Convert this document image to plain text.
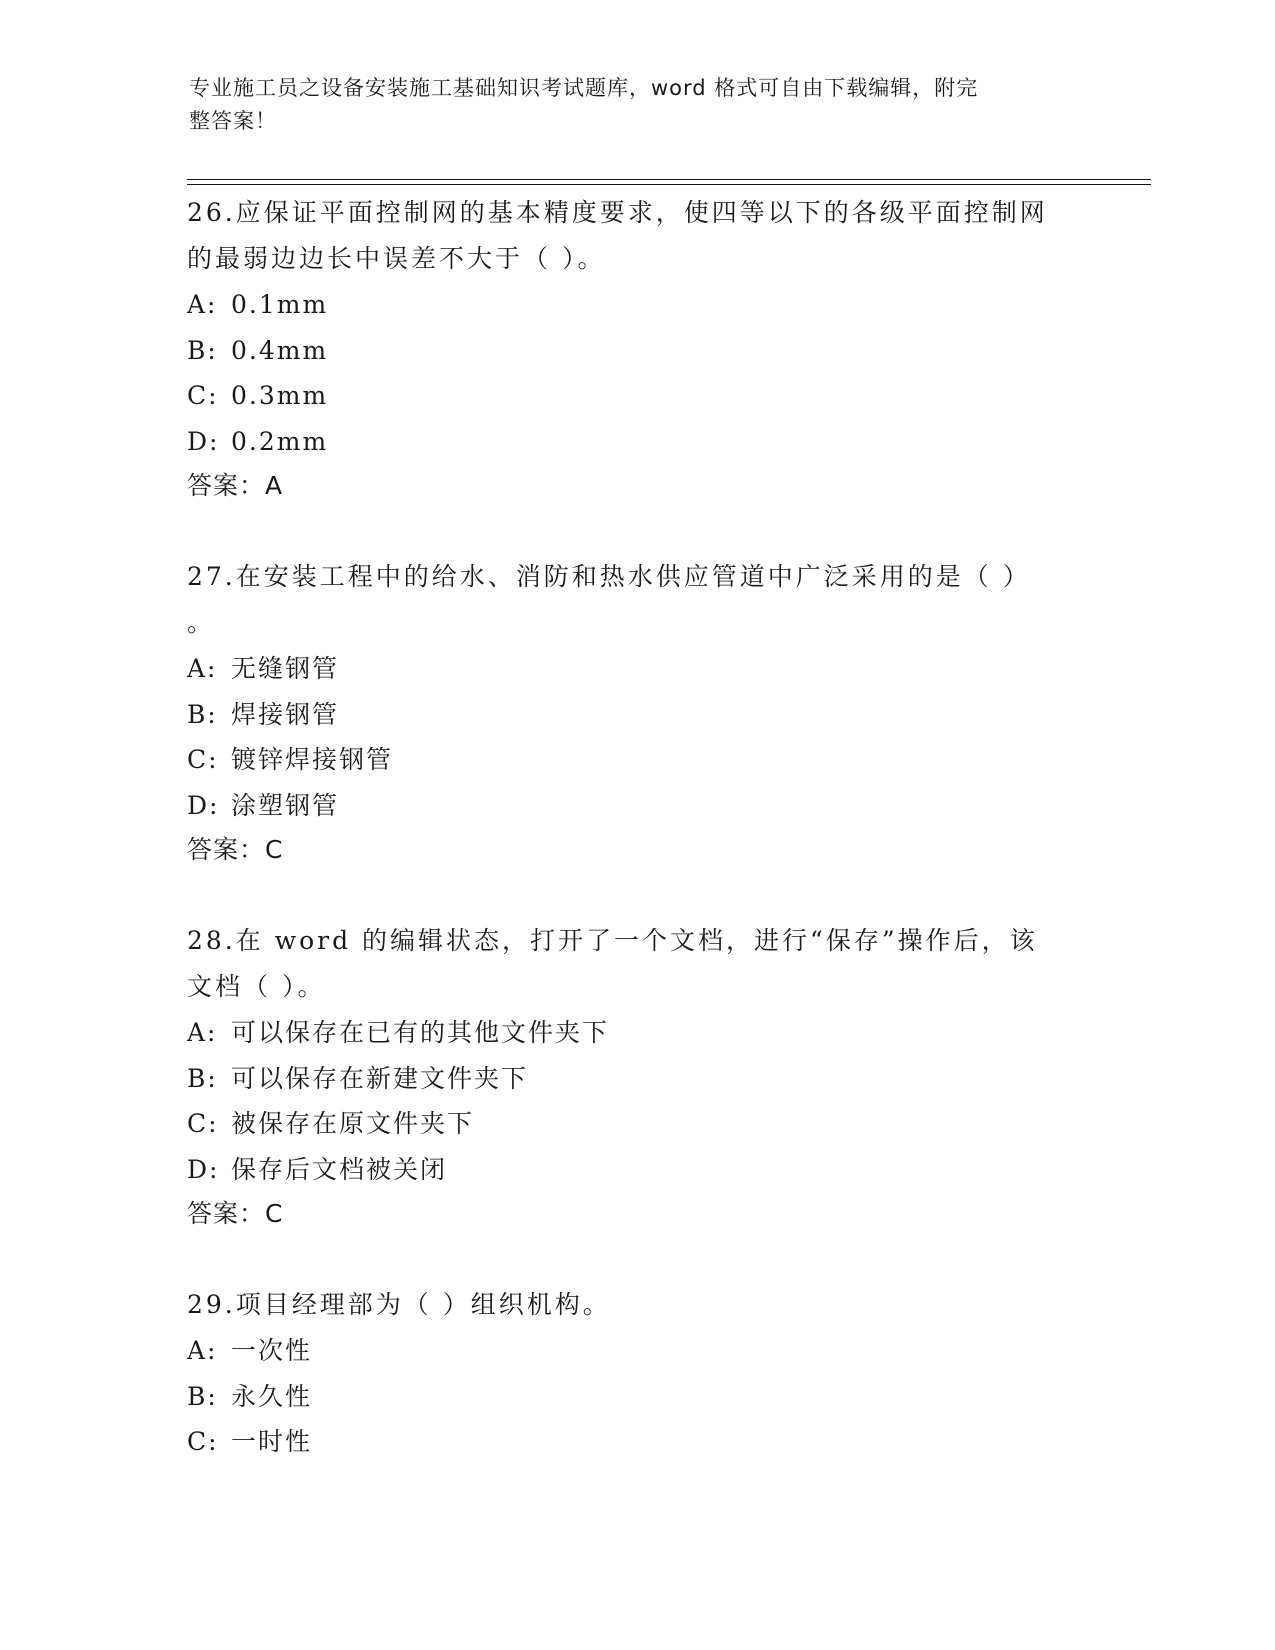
专业施工员之设备安装施工基础知识考试题库，word 格式可自由下载编辑，附完
整答案！

26.应保证平面控制网的基本精度要求，使四等以下的各级平面控制网

的最弱边边长中误差不大于（ ）。

A: 0.1mm

B: 0.4mm

C: 0.3mm

D: 0.2mm

答案：A

27.在安装工程中的给水、消防和热水供应管道中广泛采用的是（ ）

。

A: 无缝钢管

B: 焊接钢管

C: 镀锌焊接钢管

D: 涂塑钢管

答案：C

28.在 word 的编辑状态，打开了一个文档，进行“保存”操作后，该

文档（ ）。

A: 可以保存在已有的其他文件夹下

B: 可以保存在新建文件夹下

C: 被保存在原文件夹下

D: 保存后文档被关闭

答案：C

29.项目经理部为（ ）组织机构。

A: 一次性

B: 永久性

C: 一时性
